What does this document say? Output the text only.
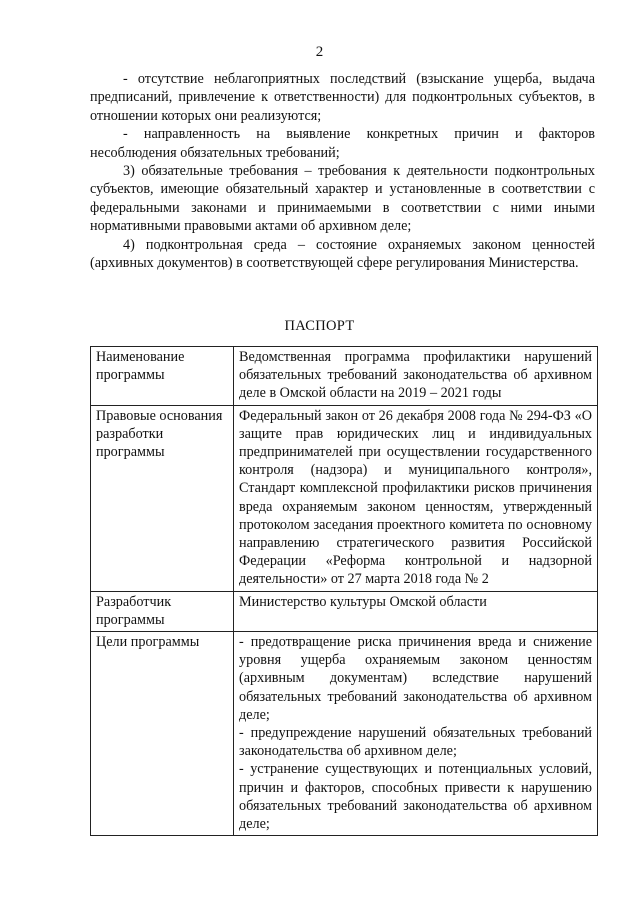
2

- отсутствие неблагоприятных последствий (взыскание ущерба, выдача предписаний, привлечение к ответственности) для подконтрольных субъектов, в отношении которых они реализуются;

- направленность на выявление конкретных причин и факторов несоблюдения обязательных требований;

3) обязательные требования – требования к деятельности подконтрольных субъектов, имеющие обязательный характер и установленные в соответствии с федеральными законами и принимаемыми в соответствии с ними иными нормативными правовыми актами об архивном деле;

4) подконтрольная среда – состояние охраняемых законом ценностей (архивных документов) в соответствующей сфере регулирования Министерства.

ПАСПОРТ
Наименование программы	Ведомственная программа профилактики нарушений обязательных требований законодательства об архивном деле в Омской области на 2019 – 2021 годы
Правовые основания разработки программы	Федеральный закон от 26 декабря 2008 года № 294-ФЗ «О защите прав юридических лиц и индивидуальных предпринимателей при осуществлении государственного контроля (надзора) и муниципального контроля», Стандарт комплексной профилактики рисков причинения вреда охраняемым законом ценностям, утвержденный протоколом заседания проектного комитета по основному направлению стратегического развития Российской Федерации «Реформа контрольной и надзорной деятельности» от 27 марта 2018 года № 2
Разработчик программы	Министерство культуры Омской области
Цели программы	- предотвращение риска причинения вреда и снижение уровня ущерба охраняемым законом ценностям (архивным документам) вследствие нарушений обязательных требований законодательства об архивном деле;
- предупреждение нарушений обязательных требований законодательства об архивном деле;
- устранение существующих и потенциальных условий, причин и факторов, способных привести к нарушению обязательных требований законодательства об архивном деле;
